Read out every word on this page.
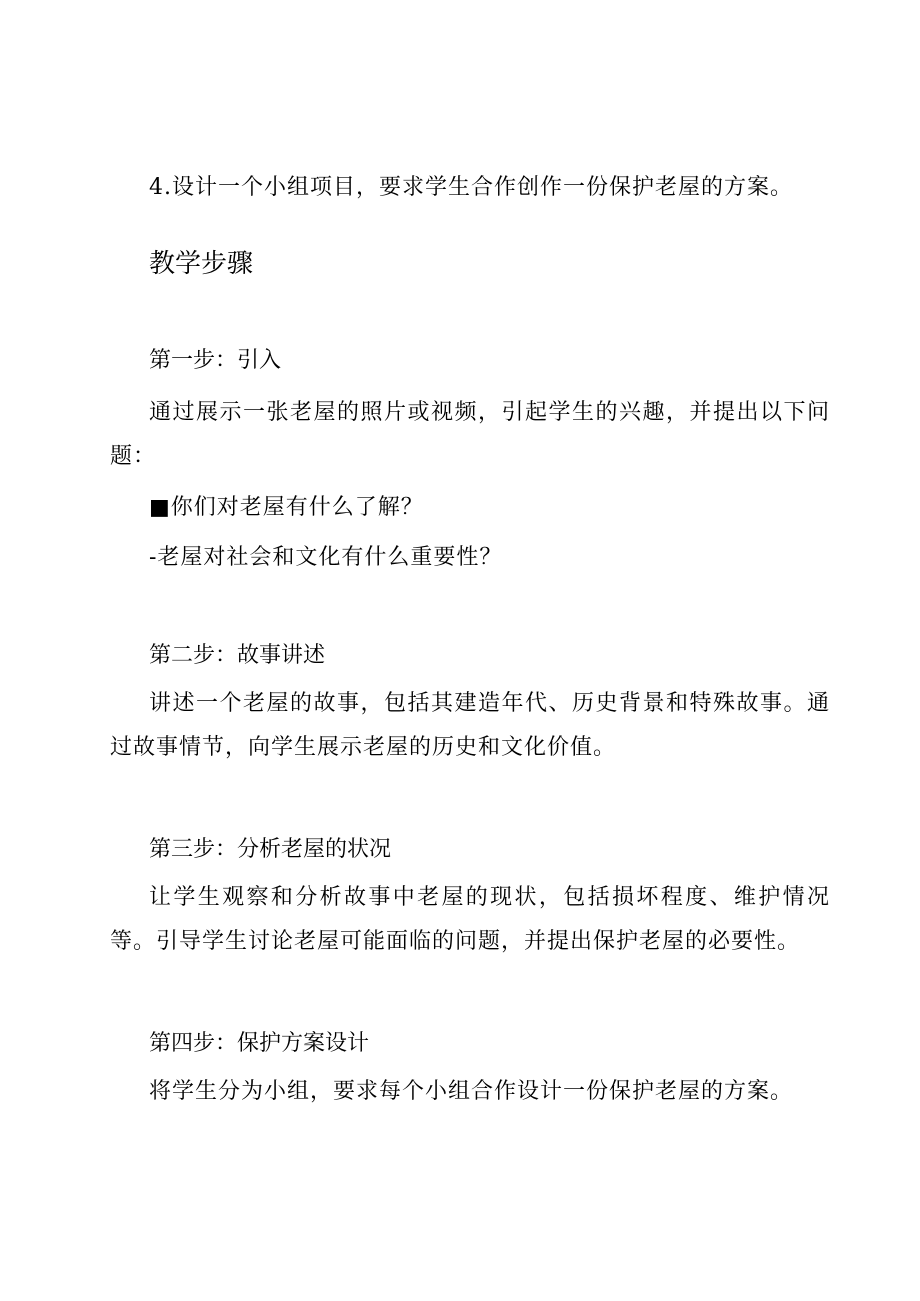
4.设计一个小组项目，要求学生合作创作一份保护老屋的方案。
教学步骤
第一步：引入
通过展示一张老屋的照片或视频，引起学生的兴趣，并提出以下问题：
■你们对老屋有什么了解？
-老屋对社会和文化有什么重要性？
第二步：故事讲述
讲述一个老屋的故事，包括其建造年代、历史背景和特殊故事。通过故事情节，向学生展示老屋的历史和文化价值。
第三步：分析老屋的状况
让学生观察和分析故事中老屋的现状，包括损坏程度、维护情况等。引导学生讨论老屋可能面临的问题，并提出保护老屋的必要性。
第四步：保护方案设计
将学生分为小组，要求每个小组合作设计一份保护老屋的方案。
